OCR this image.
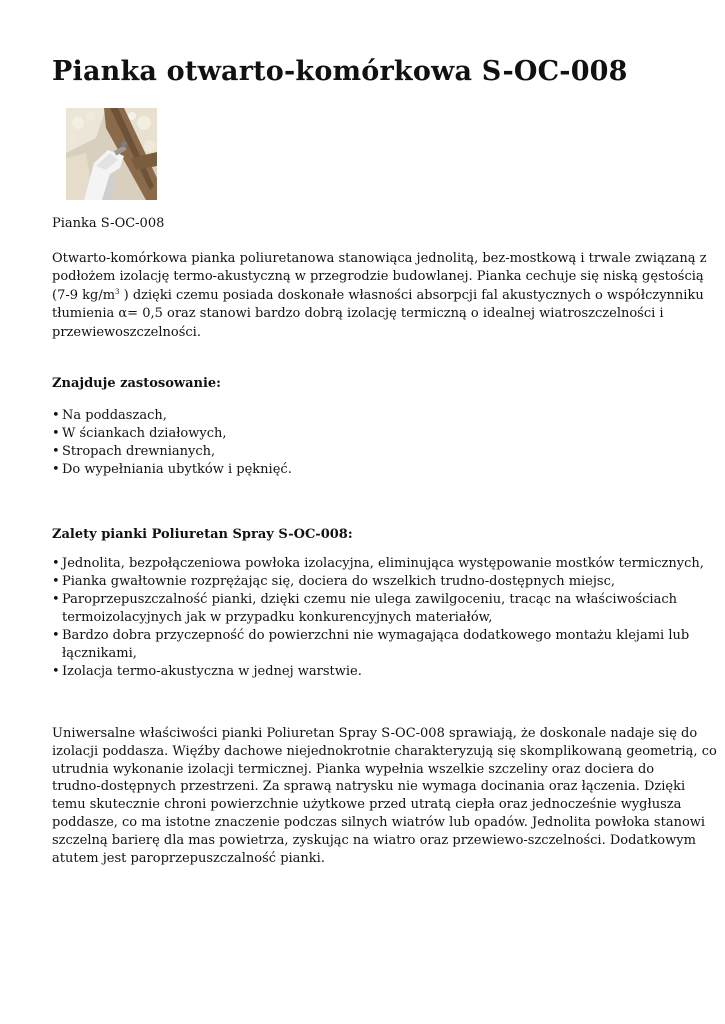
Pianka otwarto-komórkowa S-OC-008
Pianka S-OC-008

Otwarto-komórkowa pianka poliuretanowa stanowiąca jednolitą, bez-mostkową i trwale związaną z
podłożem izolację termo-akustyczną w przegrodzie budowlanej. Pianka cechuje się niską gęstością
(7-9 $kg/m^3$ ) dzięki czemu posiada doskonałe własności absorpcji fal akustycznych o współczynniku
tłumienia α= 0,5 oraz stanowi bardzo dobrą izolację termiczną o idealnej wiatroszczelności i
przewiewoszczelności.

Znajduje zastosowanie:
• Na poddaszach,
• W ściankach działowych,
• Stropach drewnianych,
• Do wypełniania ubytków i pęknięć.
Zalety pianki Poliuretan Spray S-OC-008:
• Jednolita, bezpołączeniowa powłoka izolacyjna, eliminująca występowanie mostków termicznych,
• Pianka gwałtownie rozprężając się, dociera do wszelkich trudno-dostępnych miejsc,
• Paroprzepuszczalność pianki, dzięki czemu nie ulega zawilgoceniu, tracąc na właściwościach
termoizolacyjnych jak w przypadku konkurencyjnych materiałów,
• Bardzo dobra przyczepność do powierzchni nie wymagająca dodatkowego montażu klejami lub
łącznikami,
• Izolacja termo-akustyczna w jednej warstwie.

Uniwersalne właściwości pianki Poliuretan Spray S-OC-008 sprawiają, że doskonale nadaje się do
izolacji poddasza. Więźby dachowe niejednokrotnie charakteryzują się skomplikowaną geometrią, co
utrudnia wykonanie izolacji termicznej. Pianka wypełnia wszelkie szczeliny oraz dociera do
trudno-dostępnych przestrzeni. Za sprawą natrysku nie wymaga docinania oraz łączenia. Dzięki
temu skutecznie chroni powierzchnie użytkowe przed utratą ciepła oraz jednocześnie wygłusza
poddasze, co ma istotne znaczenie podczas silnych wiatrów lub opadów. Jednolita powłoka stanowi
szczelną barierę dla mas powietrza, zyskując na wiatro oraz przewiewo-szczelności. Dodatkowym
atutem jest paroprzepuszczalność pianki.
